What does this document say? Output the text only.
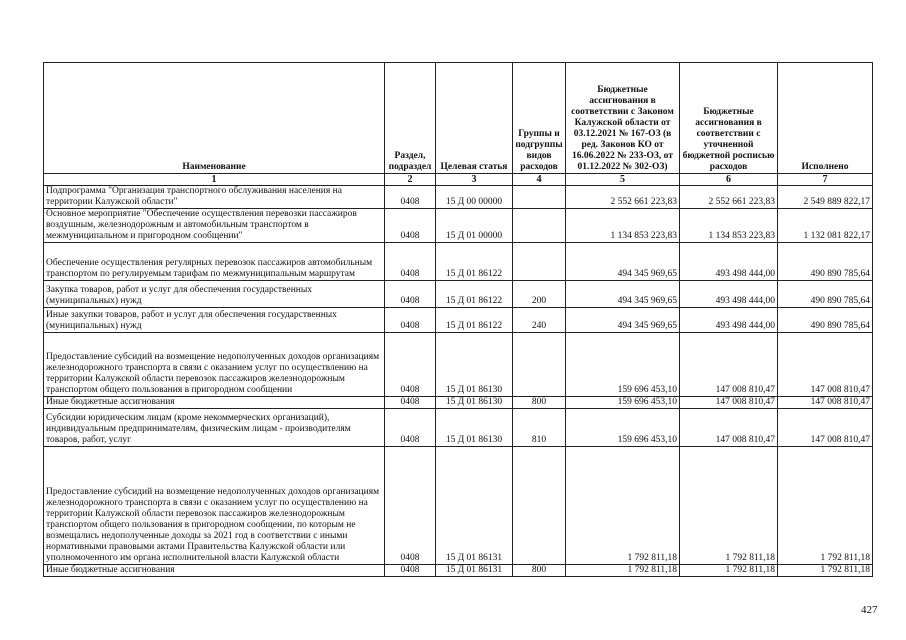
Наименование	Раздел, подраздел	Целевая статья	Группы и подгруппы видов расходов	Бюджетные ассигнования в соответствии с Законом Калужской области от 03.12.2021 № 167-ОЗ (в ред. Законов КО от 16.06.2022 № 233-ОЗ, от 01.12.2022 № 302-ОЗ)	Бюджетные ассигнования в соответствии с уточненной бюджетной росписью расходов	Исполнено
1	2	3	4	5	6	7
Подпрограмма "Организация транспортного обслуживания населения на территории Калужской области"	0408	15 Д 00 00000		2 552 661 223,83	2 552 661 223,83	2 549 889 822,17
Основное мероприятие "Обеспечение осуществления перевозки пассажиров воздушным, железнодорожным и автомобильным транспортом в межмуниципальном и пригородном сообщении"	0408	15 Д 01 00000		1 134 853 223,83	1 134 853 223,83	1 132 081 822,17
Обеспечение осуществления регулярных перевозок пассажиров автомобильным транспортом по регулируемым тарифам по межмуниципальным маршрутам	0408	15 Д 01 86122		494 345 969,65	493 498 444,00	490 890 785,64
Закупка товаров, работ и услуг для обеспечения государственных (муниципальных) нужд	0408	15 Д 01 86122	200	494 345 969,65	493 498 444,00	490 890 785,64
Иные закупки товаров, работ и услуг для обеспечения государственных (муниципальных) нужд	0408	15 Д 01 86122	240	494 345 969,65	493 498 444,00	490 890 785,64
Предоставление субсидий на возмещение недополученных доходов организациям железнодорожного транспорта в связи с оказанием услуг по осуществлению на территории Калужской области перевозок пассажиров железнодорожным транспортом общего пользования в пригородном сообщении	0408	15 Д 01 86130		159 696 453,10	147 008 810,47	147 008 810,47
Иные бюджетные ассигнования	0408	15 Д 01 86130	800	159 696 453,10	147 008 810,47	147 008 810,47
Субсидии юридическим лицам (кроме некоммерческих организаций), индивидуальным предпринимателям, физическим лицам - производителям товаров, работ, услуг	0408	15 Д 01 86130	810	159 696 453,10	147 008 810,47	147 008 810,47
Предоставление субсидий на возмещение недополученных доходов организациям железнодорожного транспорта в связи с оказанием услуг по осуществлению на территории Калужской области перевозок пассажиров железнодорожным транспортом общего пользования в пригородном сообщении, по которым не возмещались недополученные доходы за 2021 год в соответствии с иными нормативными правовыми актами Правительства Калужской области или уполномоченного им органа исполнительной власти Калужской области	0408	15 Д 01 86131		1 792 811,18	1 792 811,18	1 792 811,18
Иные бюджетные ассигнования	0408	15 Д 01 86131	800	1 792 811,18	1 792 811,18	1 792 811,18
427
